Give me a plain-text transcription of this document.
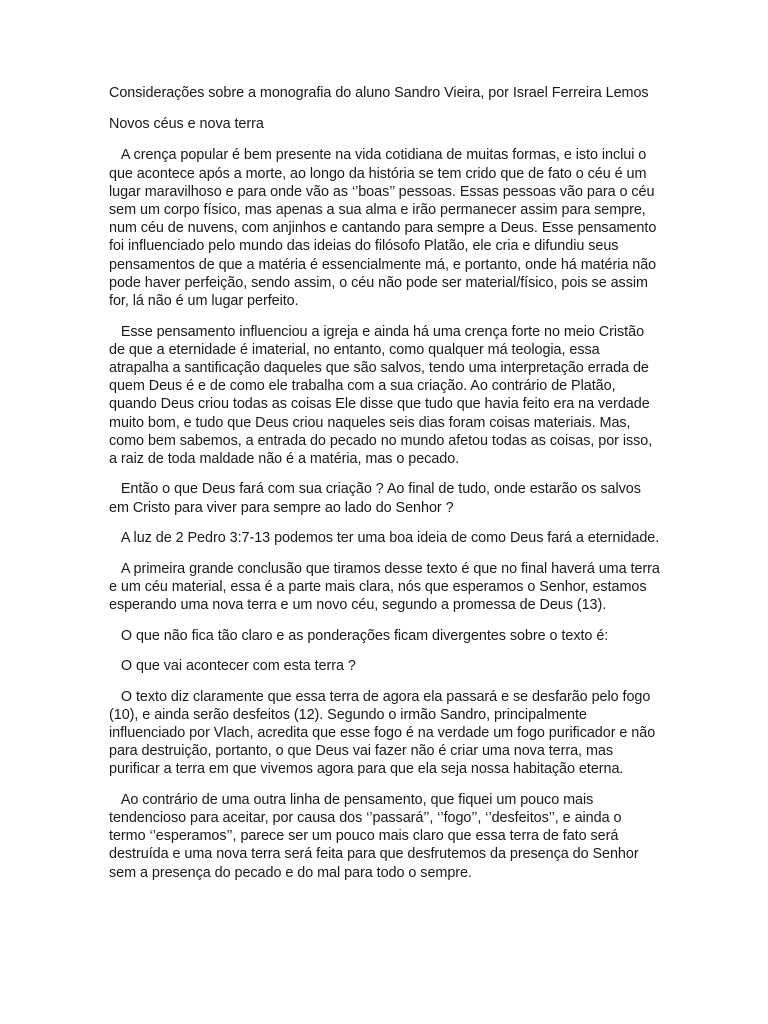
Considerações sobre a monografia do aluno Sandro Vieira, por Israel Ferreira Lemos

Novos céus e nova terra

A crença popular é bem presente na vida cotidiana de muitas formas, e isto inclui o
que acontece após a morte, ao longo da história se tem crido que de fato o céu é um
lugar maravilhoso e para onde vão as ‘’boas’’ pessoas. Essas pessoas vão para o céu
sem um corpo físico, mas apenas a sua alma e irão permanecer assim para sempre,
num céu de nuvens, com anjinhos e cantando para sempre a Deus. Esse pensamento
foi influenciado pelo mundo das ideias do filósofo Platão, ele cria e difundiu seus
pensamentos de que a matéria é essencialmente má, e portanto, onde há matéria não
pode haver perfeição, sendo assim, o céu não pode ser material/físico, pois se assim
for, lá não é um lugar perfeito.

Esse pensamento influenciou a igreja e ainda há uma crença forte no meio Cristão
de que a eternidade é imaterial, no entanto, como qualquer má teologia, essa
atrapalha a santificação daqueles que são salvos, tendo uma interpretação errada de
quem Deus é e de como ele trabalha com a sua criação. Ao contrário de Platão,
quando Deus criou todas as coisas Ele disse que tudo que havia feito era na verdade
muito bom, e tudo que Deus criou naqueles seis dias foram coisas materiais. Mas,
como bem sabemos, a entrada do pecado no mundo afetou todas as coisas, por isso,
a raiz de toda maldade não é a matéria, mas o pecado.

Então o que Deus fará com sua criação ? Ao final de tudo, onde estarão os salvos
em Cristo para viver para sempre ao lado do Senhor ?

A luz de 2 Pedro 3:7-13 podemos ter uma boa ideia de como Deus fará a eternidade.

A primeira grande conclusão que tiramos desse texto é que no final haverá uma terra
e um céu material, essa é a parte mais clara, nós que esperamos o Senhor, estamos
esperando uma nova terra e um novo céu, segundo a promessa de Deus (13).

O que não fica tão claro e as ponderações ficam divergentes sobre o texto é:

O que vai acontecer com esta terra ?

O texto diz claramente que essa terra de agora ela passará e se desfarão pelo fogo
(10), e ainda serão desfeitos (12). Segundo o irmão Sandro, principalmente
influenciado por Vlach, acredita que esse fogo é na verdade um fogo purificador e não
para destruição, portanto, o que Deus vai fazer não é criar uma nova terra, mas
purificar a terra em que vivemos agora para que ela seja nossa habitação eterna.

Ao contrário de uma outra linha de pensamento, que fiquei um pouco mais
tendencioso para aceitar, por causa dos ‘’passará’’, ‘’fogo’’, ‘’desfeitos’’, e ainda o
termo ‘’esperamos’’, parece ser um pouco mais claro que essa terra de fato será
destruída e uma nova terra será feita para que desfrutemos da presença do Senhor
sem a presença do pecado e do mal para todo o sempre.
